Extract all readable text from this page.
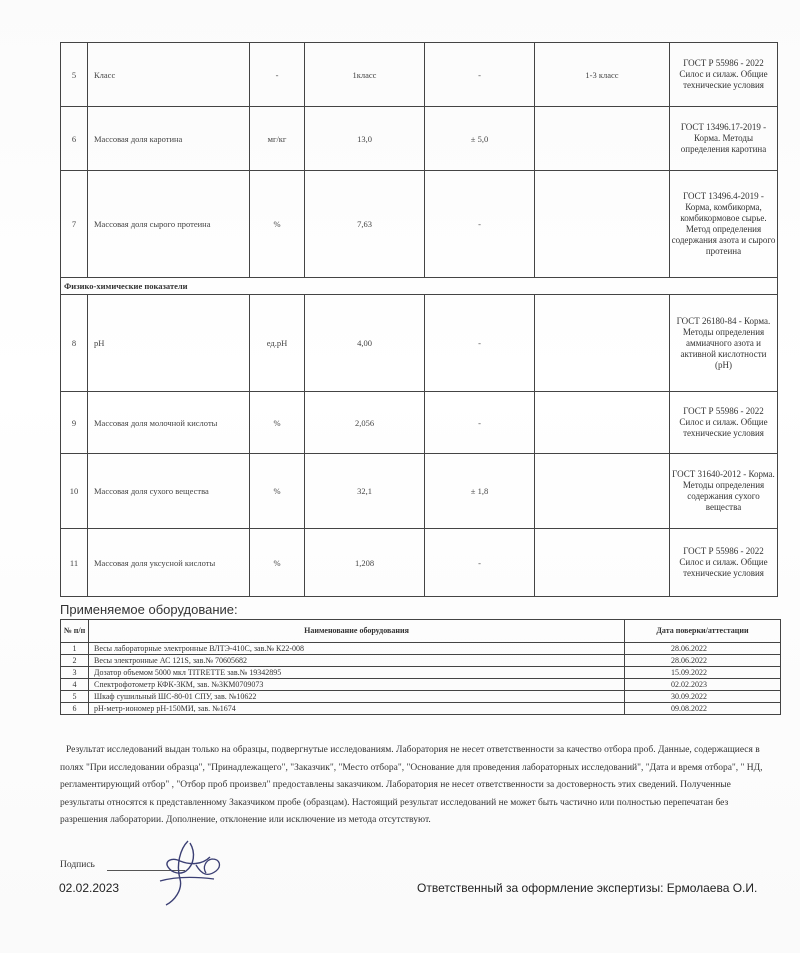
5	Класс	-	1класс	-	1-3 класс	ГОСТ Р 55986 - 2022 Силос и силаж. Общие технические условия
6	Массовая доля каротина	мг/кг	13,0	± 5,0		ГОСТ 13496.17-2019 - Корма. Методы определения каротина
7	Массовая доля сырого протеина	%	7,63	-		ГОСТ 13496.4-2019 - Корма, комбикорма, комбикормовое сырье. Метод определения содержания азота и сырого протеина
Физико-химические показатели						
8	pH	ед.pH	4,00	-		ГОСТ 26180-84 - Корма. Методы определения аммиачного азота и активной кислотности (pH)
9	Массовая доля молочной кислоты	%	2,056	-		ГОСТ Р 55986 - 2022 Силос и силаж. Общие технические условия
10	Массовая доля сухого вещества	%	32,1	± 1,8		ГОСТ 31640-2012 - Корма. Методы определения содержания сухого вещества
11	Массовая доля уксусной кислоты	%	1,208	-		ГОСТ Р 55986 - 2022 Силос и силаж. Общие технические условия
Применяемое оборудование:
№ п/п	Наименование оборудования	Дата поверки/аттестации
1	Весы лабораторные электронные ВЛТЭ-410С, зав.№ К22-008	28.06.2022
2	Весы электронные АС 121S, зав.№ 70605682	28.06.2022
3	Дозатор объемом 5000 мкл TITRETTE зав.№ 19342895	15.09.2022
4	Спектрофотометр КФК-3КМ, зав. №3КМ0709073	02.02.2023
5	Шкаф сушильный ШС-80-01 СПУ, зав. №10622	30.09.2022
6	pH-метр-иономер pH-150МИ, зав. №1674	09.08.2022
Результат исследований выдан только на образцы, подвергнутые исследованиям. Лаборатория не несет ответственности за качество отбора проб. Данные, содержащиеся в полях "При исследовании образца", "Принадлежащего", "Заказчик", "Место отбора", "Основание для проведения лабораторных исследований", "Дата и время отбора", " НД, регламентирующий отбор" , "Отбор проб произвел" предоставлены заказчиком. Лаборатория не несет ответственности за достоверность этих сведений. Полученные результаты относятся к представленному Заказчиком пробе (образцам). Настоящий результат исследований не может быть частично или полностью перепечатан без разрешения лаборатории. Дополнение, отклонение или исключение из метода отсутствуют.
Подпись
02.02.2023	Ответственный за оформление экспертизы: Ермолаева О.И.
